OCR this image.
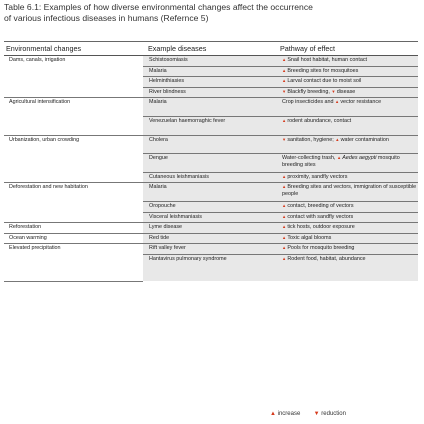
Table 6.1: Examples of how diverse environmental changes affect the occurrence
of various infectious diseases in humans (Refernce 5)
Environmental changes	Example diseases	Pathway of effect
Dams, canals, irrigation	Schistosomiasis	▲ Snail host habitat, human contact
	Malaria	▲ Breeding sites for mosquitoes
	Helminthiasies	▲ Larval contact due to moist soil
	River blindness	▼ Blackfly breeding, ▼ disease
Agricultural intensification	Malaria	Crop insecticides and ▲ vector resistance
	Venezuelan haemorraghic fever	▲ rodent abundance, contact
Urbanization, urban crowding	Cholera	▼ sanitation, hygiene; ▲ water contamination
	Dengue	Water-collecting trash, ▲ Aedes aegypti mosquito breeding sites
	Cutaneous leishmaniasis	▲ proximity, sandfly vectors
Deforestation and new habitation	Malaria	▲ Breeding sites and vectors, immigration of susceptible people
	Oropouche	▲ contact, breeding of vectors
	Visceral leishmaniasis	▲ contact with sandfly vectors
Reforestation	Lyme disease	▲ tick hosts, outdoor exposure
Ocean warming	Red tide	▲ Toxic algal blooms
Elevated precipitation	Rift valley fever	▲ Pools for mosquito breeding
	Hantavirus pulmonary syndrome	▲ Rodent food, habitat, abundance
▲ increase ▼ reduction
